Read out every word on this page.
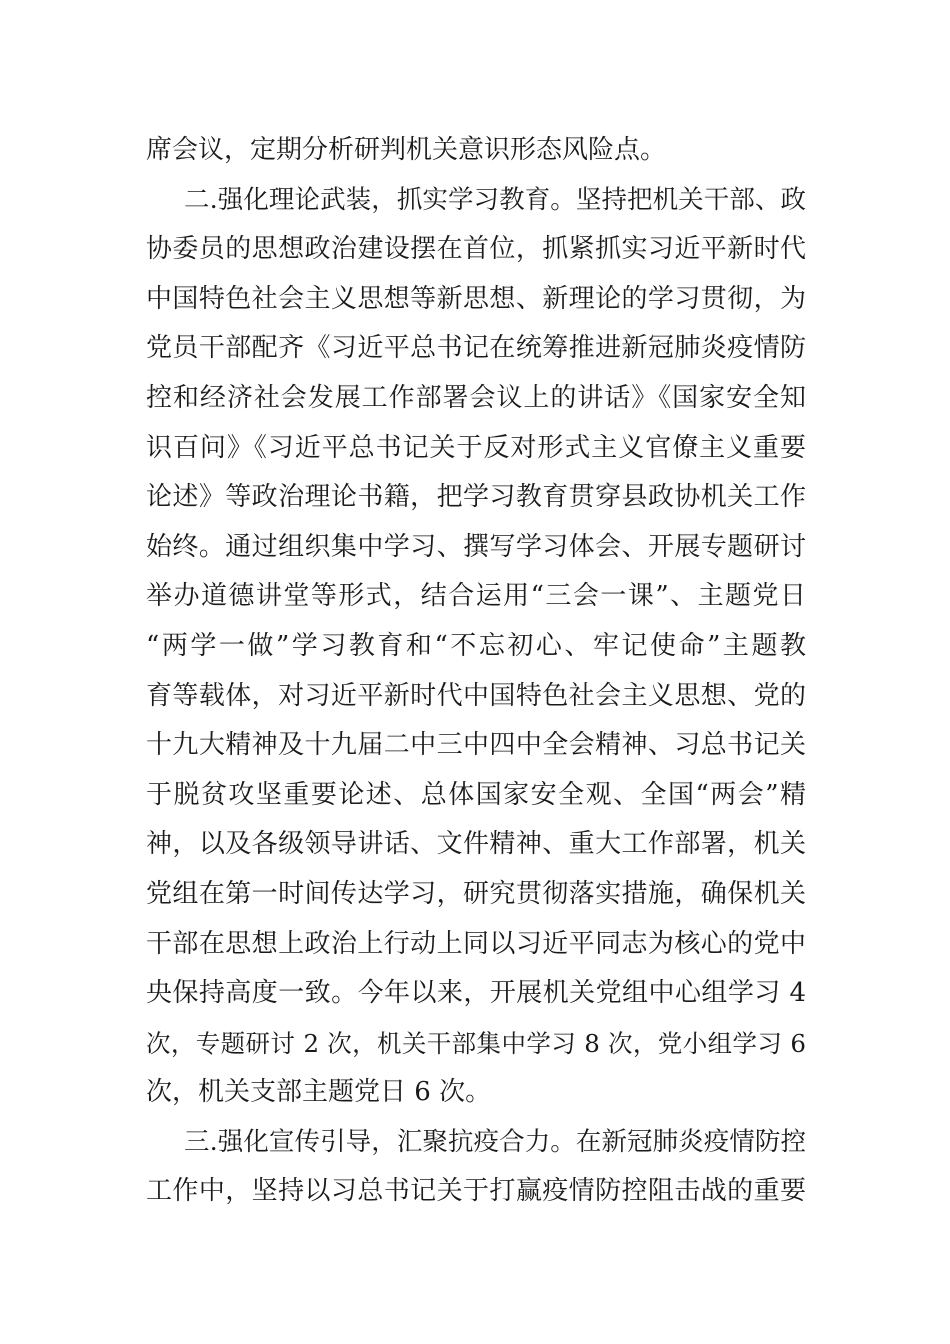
席会议，定期分析研判机关意识形态风险点。
二.强化理论武装，抓实学习教育。坚持把机关干部、政
协委员的思想政治建设摆在首位，抓紧抓实习近平新时代
中国特色社会主义思想等新思想、新理论的学习贯彻，为
党员干部配齐《习近平总书记在统筹推进新冠肺炎疫情防
控和经济社会发展工作部署会议上的讲话》《国家安全知
识百问》《习近平总书记关于反对形式主义官僚主义重要
论述》等政治理论书籍，把学习教育贯穿县政协机关工作
始终。通过组织集中学习、撰写学习体会、开展专题研讨
举办道德讲堂等形式，结合运用“三会一课”、主题党日
“两学一做”学习教育和“不忘初心、牢记使命”主题教
育等载体，对习近平新时代中国特色社会主义思想、党的
十九大精神及十九届二中三中四中全会精神、习总书记关
于脱贫攻坚重要论述、总体国家安全观、全国“两会”精
神，以及各级领导讲话、文件精神、重大工作部署，机关
党组在第一时间传达学习，研究贯彻落实措施，确保机关
干部在思想上政治上行动上同以习近平同志为核心的党中
央保持高度一致。今年以来，开展机关党组中心组学习 4
次，专题研讨 2 次，机关干部集中学习 8 次，党小组学习 6
次，机关支部主题党日 6 次。
三.强化宣传引导，汇聚抗疫合力。在新冠肺炎疫情防控
工作中，坚持以习总书记关于打赢疫情防控阻击战的重要
